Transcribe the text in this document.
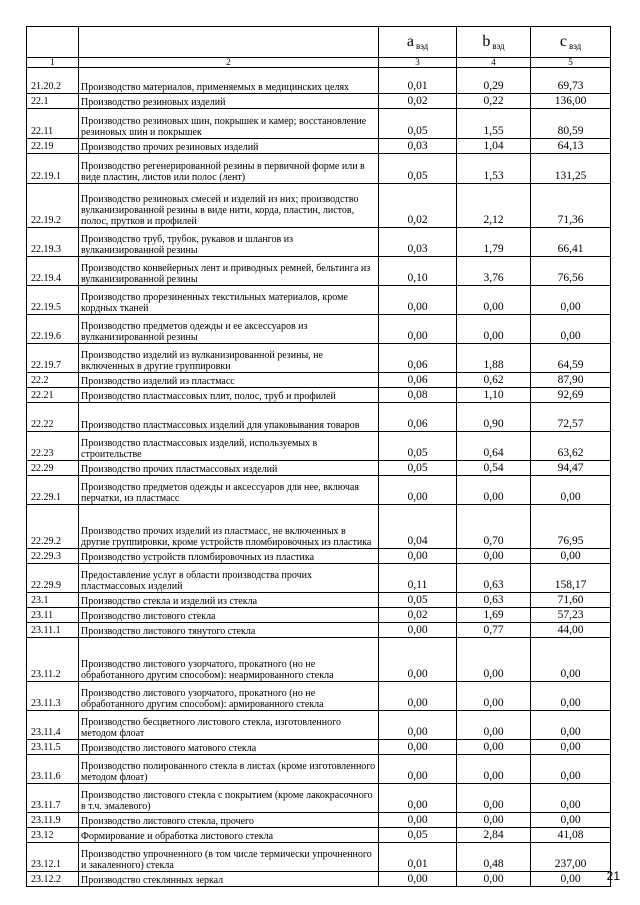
		a вэд	b вэд	c вэд
1	2	3	4	5
21.20.2	Производство материалов, применяемых в медицинских целях	0,01	0,29	69,73
22.1	Производство резиновых изделий	0,02	0,22	136,00
22.11	Производство резиновых шин, покрышек и камер; восстановление резиновых шин и покрышек	0,05	1,55	80,59
22.19	Производство прочих резиновых изделий	0,03	1,04	64,13
22.19.1	Производство регенерированной резины в первичной форме или в виде пластин, листов или полос (лент)	0,05	1,53	131,25
22.19.2	Производство резиновых смесей и изделий из них; производство вулканизированной резины в виде нити, корда, пластин, листов, полос, прутков и профилей	0,02	2,12	71,36
22.19.3	Производство труб, трубок, рукавов и шлангов из вулканизированной резины	0,03	1,79	66,41
22.19.4	Производство конвейерных лент и приводных ремней, бельтинга из вулканизированной резины	0,10	3,76	76,56
22.19.5	Производство прорезиненных текстильных материалов, кроме кордных тканей	0,00	0,00	0,00
22.19.6	Производство предметов одежды и ее аксессуаров из вулканизированной резины	0,00	0,00	0,00
22.19.7	Производство изделий из вулканизированной резины, не включенных в другие группировки	0,06	1,88	64,59
22.2	Производство изделий из пластмасс	0,06	0,62	87,90
22.21	Производство пластмассовых плит, полос, труб и профилей	0,08	1,10	92,69
22.22	Производство пластмассовых изделий для упаковывания товаров	0,06	0,90	72,57
22.23	Производство пластмассовых изделий, используемых в строительстве	0,05	0,64	63,62
22.29	Производство прочих пластмассовых изделий	0,05	0,54	94,47
22.29.1	Производство предметов одежды и аксессуаров для нее, включая перчатки, из пластмасс	0,00	0,00	0,00
22.29.2	Производство прочих изделий из пластмасс, не включенных в другие группировки, кроме устройств пломбировочных из пластика	0,04	0,70	76,95
22.29.3	Производство устройств пломбировочных из пластика	0,00	0,00	0,00
22.29.9	Предоставление услуг в области производства прочих пластмассовых изделий	0,11	0,63	158,17
23.1	Производство стекла и изделий из стекла	0,05	0,63	71,60
23.11	Производство листового стекла	0,02	1,69	57,23
23.11.1	Производство листового тянутого стекла	0,00	0,77	44,00
23.11.2	Производство листового узорчатого, прокатного (но не обработанного другим способом): неармированного стекла	0,00	0,00	0,00
23.11.3	Производство листового узорчатого, прокатного (но не обработанного другим способом): армированного стекла	0,00	0,00	0,00
23.11.4	Производство бесцветного листового стекла, изготовленного методом флоат	0,00	0,00	0,00
23.11.5	Производство листового матового стекла	0,00	0,00	0,00
23.11.6	Производство полированного стекла в листах (кроме изготовленного методом флоат)	0,00	0,00	0,00
23.11.7	Производство листового стекла с покрытием (кроме лакокрасочного в т.ч. эмалевого)	0,00	0,00	0,00
23.11.9	Производство листового стекла, прочего	0,00	0,00	0,00
23.12	Формирование и обработка листового стекла	0,05	2,84	41,08
23.12.1	Производство упрочненного (в том числе термически упрочненного и закаленного) стекла	0,01	0,48	237,00
23.12.2	Производство стеклянных зеркал	0,00	0,00	0,00 21
